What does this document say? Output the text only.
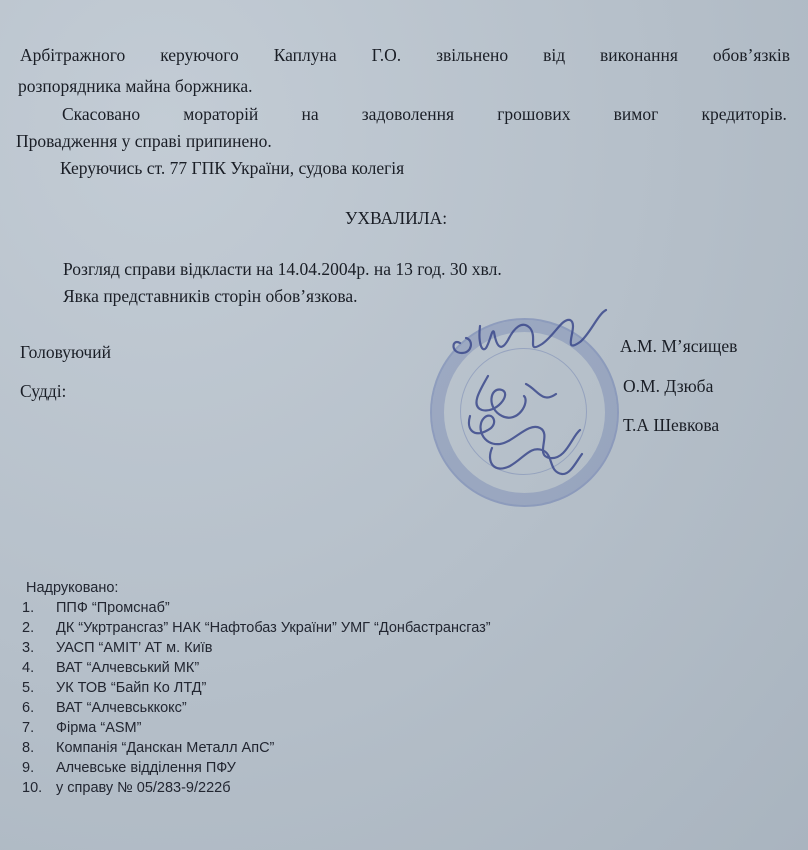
Арбітражного керуючого Каплуна Г.О. звільнено від виконання обов’язків
розпорядника майна боржника.
Скасовано мораторій на задоволення грошових вимог кредиторів.
Провадження у справі припинено.
Керуючись ст. 77 ГПК України, судова колегія
УХВАЛИЛА:
Розгляд справи відкласти на 14.04.2004р. на 13 год. 30 хвл.
Явка представників сторін обов’язкова.
Головуючий
Судді:
А.М. М’ясищев
О.М. Дзюба
Т.А Шевкова
Надруковано:
1. ППФ “Промснаб”
2. ДК “Укртрансгаз” НАК “Нафтобаз України” УМГ “Донбастрансгаз”
3. УАСП “АМІТ’ АТ м. Київ
4. ВАТ “Алчевський МК”
5. УК ТОВ “Байп Ко ЛТД”
6. ВАТ “Алчевськкокс”
7. Фірма “ASM”
8. Компанія “Данскан Металл АпС”
9. Алчевське відділення ПФУ
10. у справу № 05/283-9/222б
